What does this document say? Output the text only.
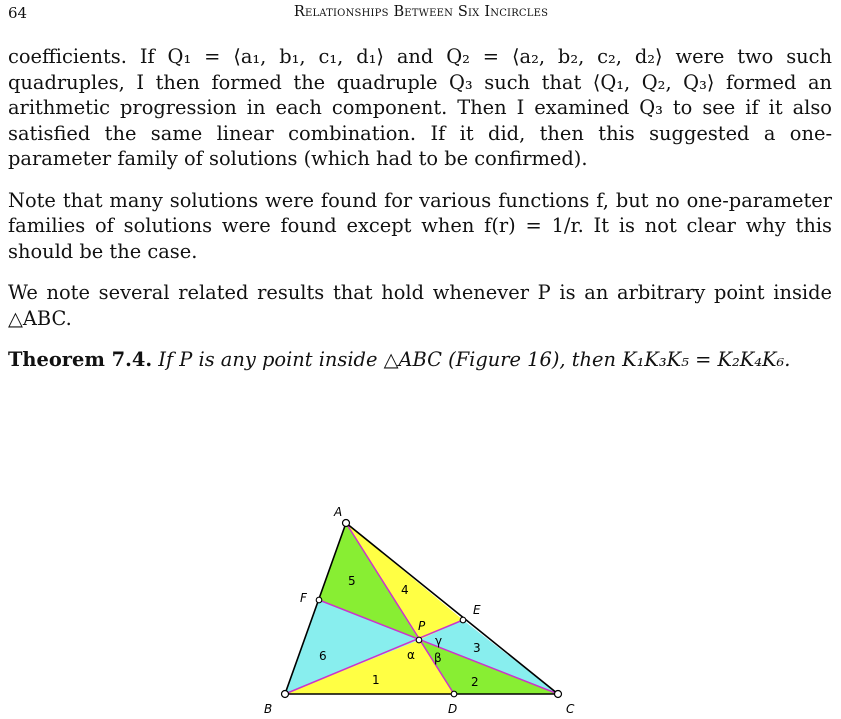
64	Relationships Between Six Incircles

coefficients. If Q₁ = ⟨a₁, b₁, c₁, d₁⟩ and Q₂ = ⟨a₂, b₂, c₂, d₂⟩ were two such quadruples, I then formed the quadruple Q₃ such that ⟨Q₁, Q₂, Q₃⟩ formed an arithmetic progression in each component. Then I examined Q₃ to see if it also satisfied the same linear combination. If it did, then this suggested a one-parameter family of solutions (which had to be confirmed).

Note that many solutions were found for various functions f, but no one-parameter families of solutions were found except when f(r) = 1/r. It is not clear why this should be the case.

We note several related results that hold whenever P is an arbitrary point inside △ABC.

Theorem 7.4. If P is any point inside △ABC (Figure 16), then K₁K₃K₅ = K₂K₄K₆.

A
B	C
D
E
F
P
1	2
3
4
5
6	α β
γ
